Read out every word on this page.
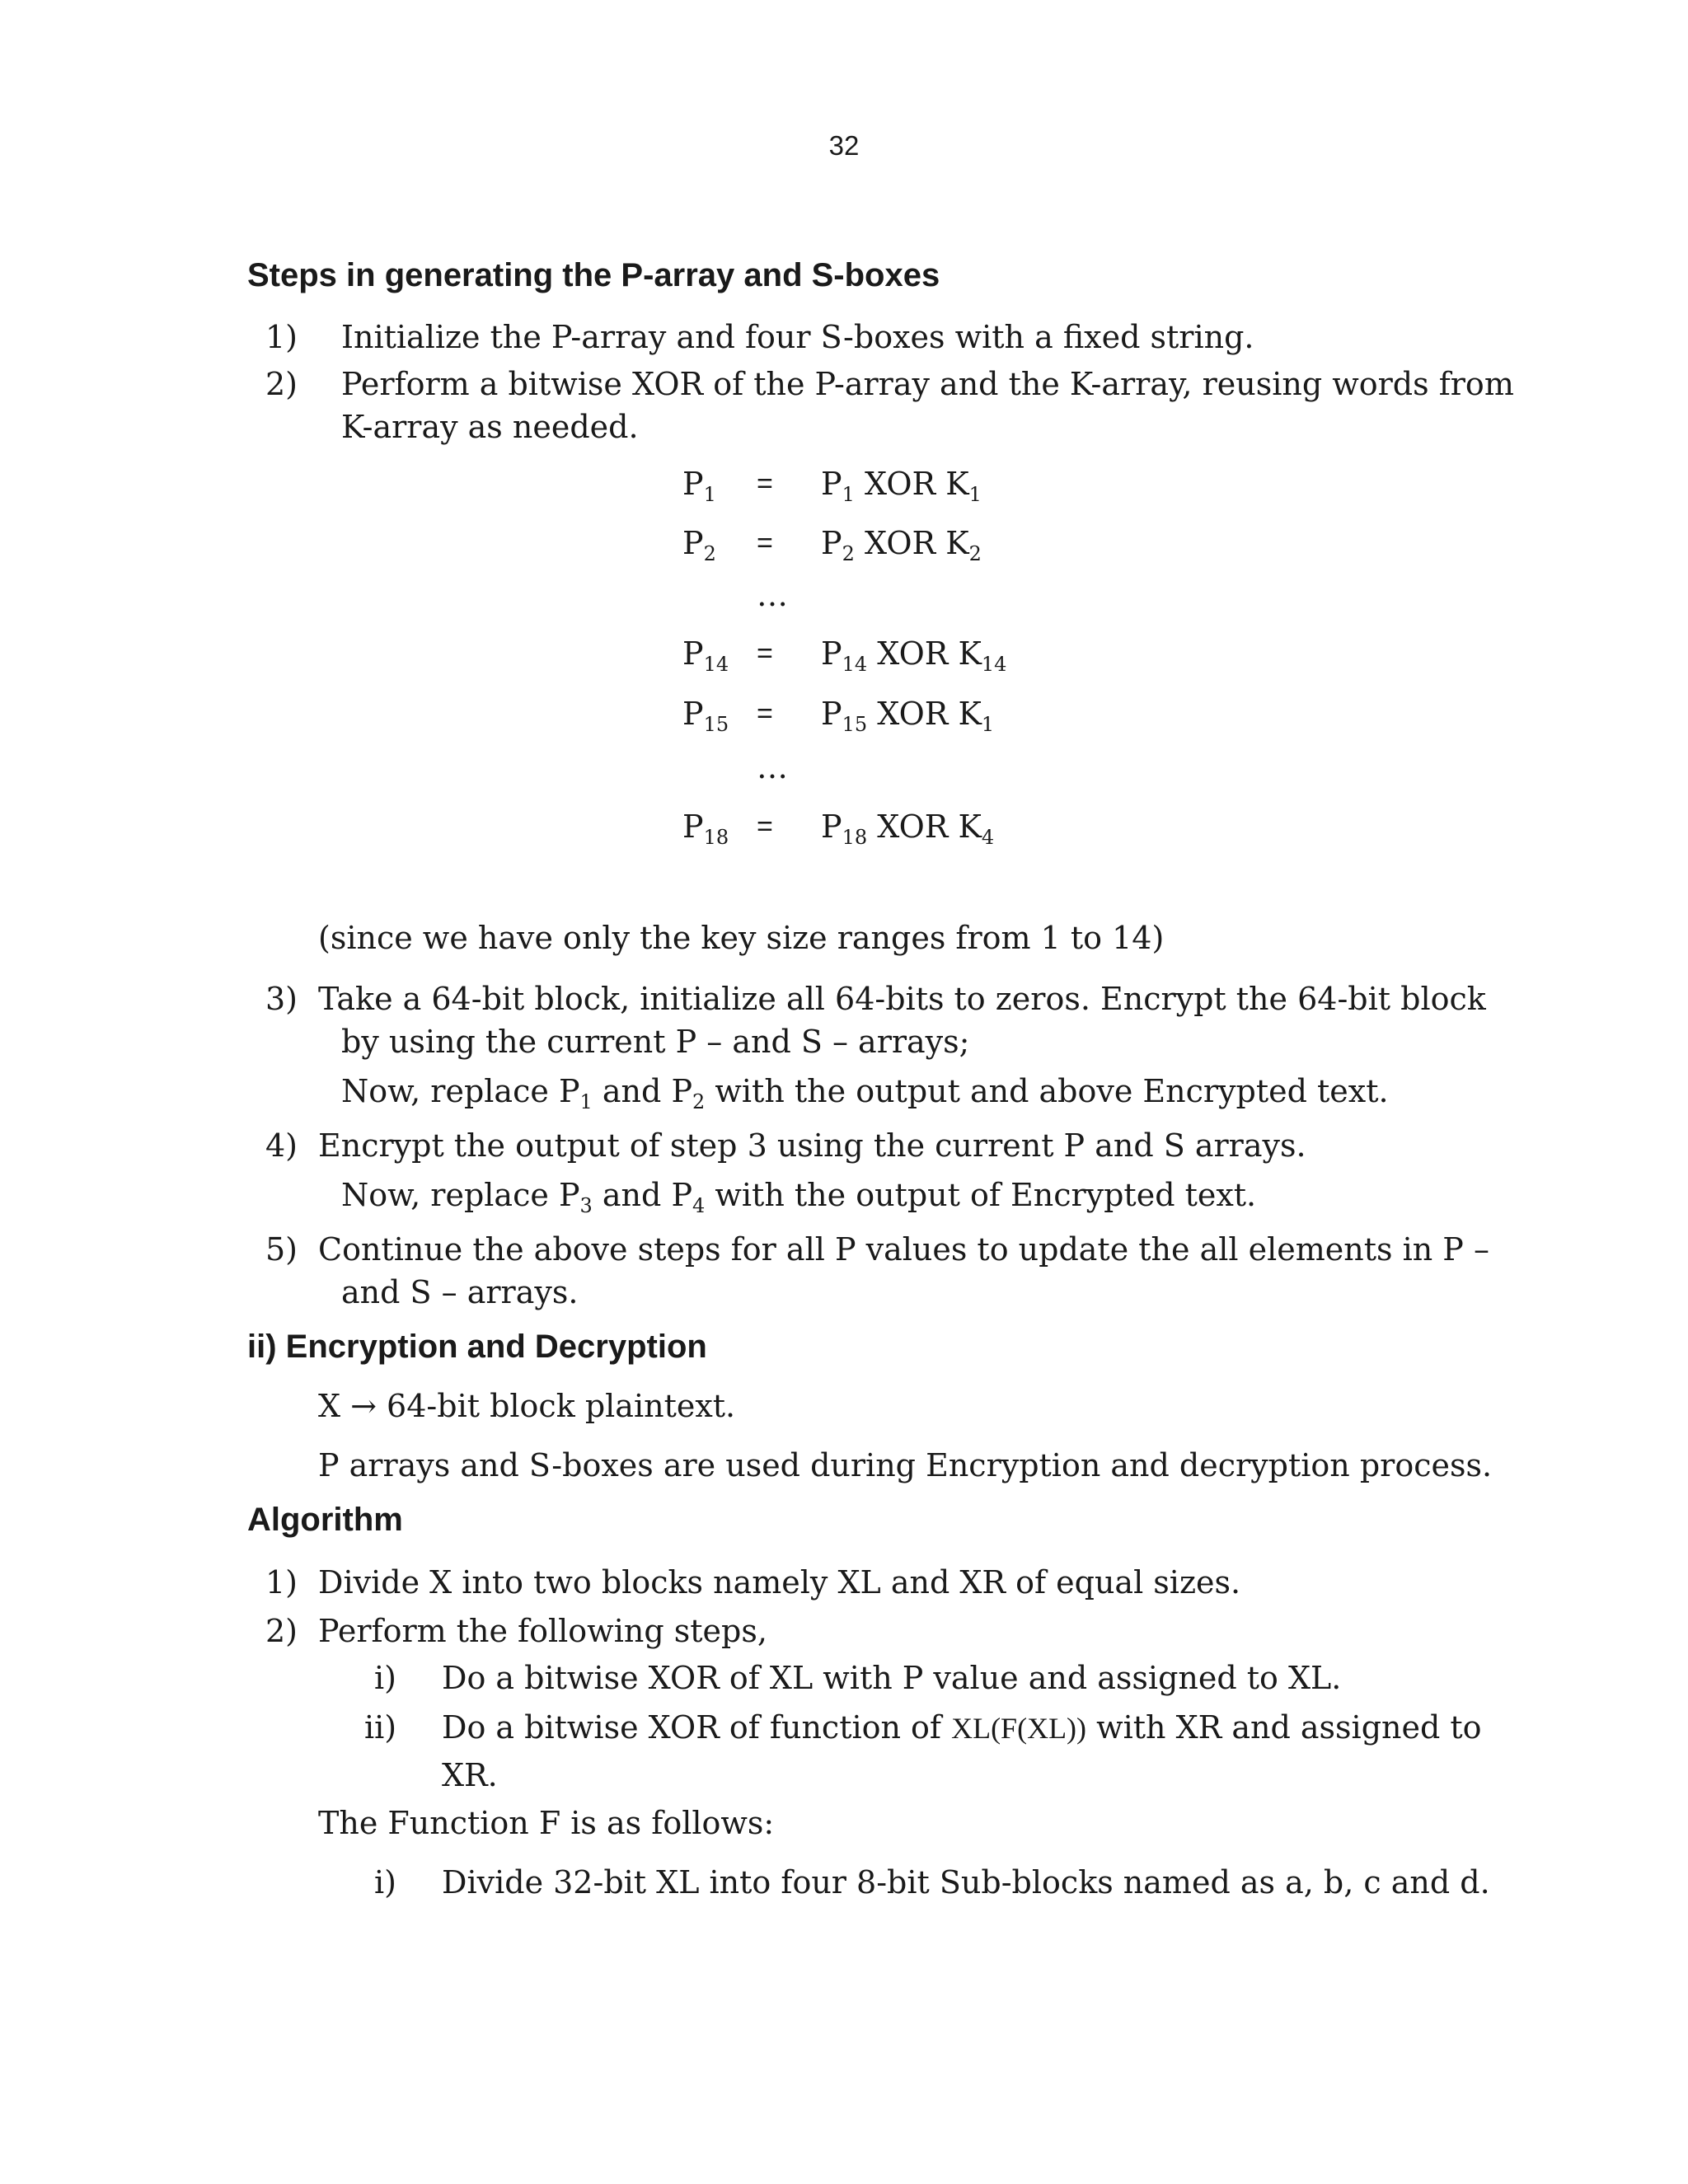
32
Steps in generating the P-array and S-boxes
1) Initialize the P-array and four S-boxes with a fixed string.
2) Perform a bitwise XOR of the P-array and the K-array, reusing words from
K-array as needed.
$P_1 = P_1$ XOR $K_1$
$P_2 = P_2$ XOR $K_2$
…
$P_{14} = P_{14}$ XOR $K_{14}$
$P_{15} = P_{15}$ XOR $K_1$
…
$P_{18} = P_{18}$ XOR $K_4$
(since we have only the key size ranges from 1 to 14)
3) Take a 64-bit block, initialize all 64-bits to zeros. Encrypt the 64-bit block
by using the current P – and S – arrays;
Now, replace $P_1$ and $P_2$ with the output and above Encrypted text.
4) Encrypt the output of step 3 using the current P and S arrays.
Now, replace $P_3$ and $P_4$ with the output of Encrypted text.
5) Continue the above steps for all P values to update the all elements in P –
and S – arrays.
ii) Encryption and Decryption
X → 64-bit block plaintext.
P arrays and S-boxes are used during Encryption and decryption process.
Algorithm
1) Divide X into two blocks namely XL and XR of equal sizes.
2) Perform the following steps,
i) Do a bitwise XOR of XL with P value and assigned to XL.
ii) Do a bitwise XOR of function of XL(F(XL)) with XR and assigned to
XR.
The Function F is as follows:
i) Divide 32-bit XL into four 8-bit Sub-blocks named as a, b, c and d.
